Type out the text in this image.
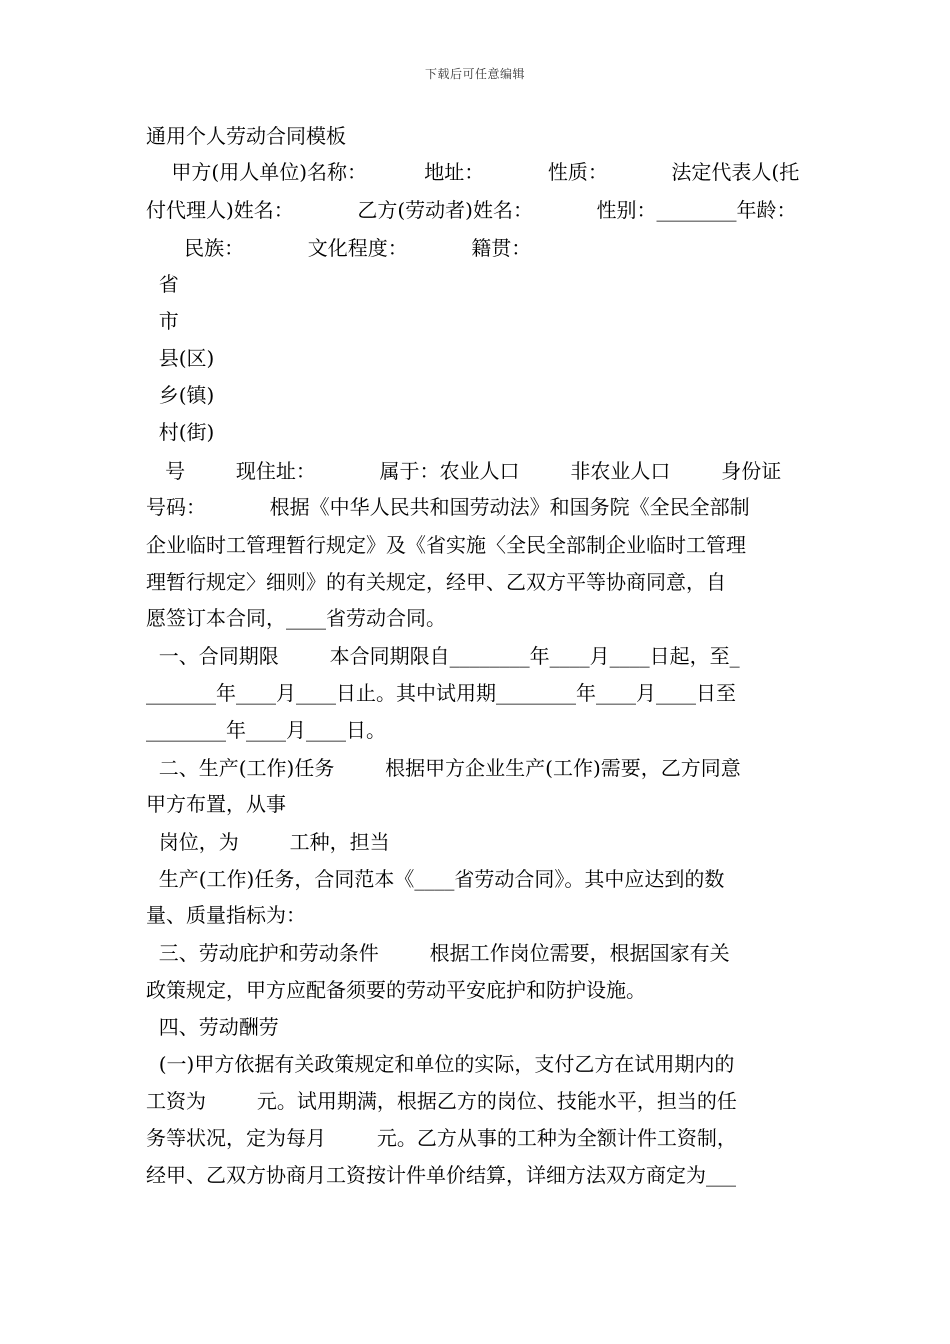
下载后可任意编辑
通用个人劳动合同模板
甲方(用人单位)名称：         地址：          性质：          法定代表人(托
付代理人)姓名：          乙方(劳动者)姓名：          性别：________年龄：
民族：          文化程度：          籍贯：
省
市
县(区)
乡(镇)
村(街)
号        现住址：          属于：农业人口        非农业人口        身份证
号码：          根据《中华人民共和国劳动法》和国务院《全民全部制
企业临时工管理暂行规定》及《省实施〈全民全部制企业临时工管理
理暂行规定〉细则》的有关规定，经甲、乙双方平等协商同意，自
愿签订本合同，____省劳动合同。
一、合同期限        本合同期限自________年____月____日起，至_
_______年____月____日止。其中试用期________年____月____日至
________年____月____日。
二、生产(工作)任务        根据甲方企业生产(工作)需要，乙方同意
甲方布置，从事
岗位，为        工种，担当
生产(工作)任务，合同范本《____省劳动合同》。其中应达到的数
量、质量指标为：
三、劳动庇护和劳动条件        根据工作岗位需要，根据国家有关
政策规定，甲方应配备须要的劳动平安庇护和防护设施。
四、劳动酬劳
(一)甲方依据有关政策规定和单位的实际，支付乙方在试用期内的
工资为        元。试用期满，根据乙方的岗位、技能水平，担当的任
务等状况，定为每月        元。乙方从事的工种为全额计件工资制，
经甲、乙双方协商月工资按计件单价结算，详细方法双方商定为___
